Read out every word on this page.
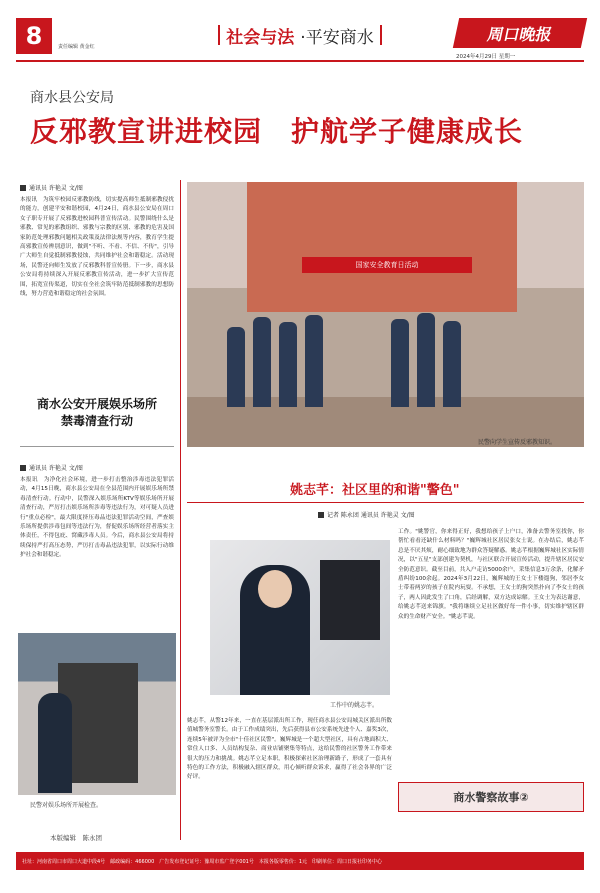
8	责任编辑 黄金红	社会与法 ·平安商水	周口晚报
2024年4月29日 星期一
商水县公安局
反邪教宣讲进校园　护航学子健康成长
通讯员 许艳灵 文/图
本报讯　为筑牢校园反邪教防线，切实提高师生抵制邪教侵扰的能力，创建平安和谐校园，4月24日，商水县公安局在周口女子职专开展了反邪教进校园科普宣传活动。民警围绕什么是邪教、常见的邪教组织、邪教与宗教的区别、邪教的危害及国家防范处理邪教问题相关政策及法律法规等内容，教育学生提高邪教宣传辨别意识，做到"不听、不看、不信、不传"，引导广大师生自觉抵制邪教侵蚀，共同维护社会和谐稳定。活动现场，民警还向师生发放了反邪教科普宣传册。下一步，商水县公安局将持续深入开展反邪教宣传活动，进一步扩大宣传范围，拓宽宣传渠道，切实在全社会筑牢防范抵制邪教的思想防线，努力营造和谐稳定的社会氛围。
商水公安开展娱乐场所
禁毒清查行动
通讯员 许艳灵 文/图
本报讯　为净化社会环境，进一步打击整治涉毒违法犯罪活动，4月15日晚，商水县公安局在全县范围内开展娱乐场所禁毒清查行动。行动中，民警深入娱乐场所KTV等娱乐场所开展清查行动，严厉打击娱乐场所涉毒等违法行为，对可疑人员进行"重点必检"，最大限度挤压毒品违法犯罪活动空间，严查娱乐场所提供涉毒包间等违法行为，督促娱乐场所经营者落实主体责任，不得包庇、窝藏涉毒人员。今后，商水县公安局将持续保持严打高压态势，严厉打击毒品违法犯罪，以实际行动维护社会和谐稳定。
民警对娱乐场所开展检查。
本版编辑　陈永团
国家安全教育日活动
民警向学生宣传反邪教知识。
姚志芊：社区里的和谐"警色"
记者 陈永团 通讯员 许艳灵 文/图
工作中的姚志芊。
姚志芊，从警12年来，一直在基层派出所工作，现任商水县公安局城关区派出所数值城警务室警长。由于工作成绩突出，先后获得县市公安系统先进个人、嘉奖3次，连续5年被评为全市"十佳社区民警"。巍辉城是一个超大型社区，具有占地面积大、常住人口多、人员结构复杂、商业店铺聚集等特点，这给民警的社区警务工作带来很大的压力和挑战。姚志芊立足本职，积极探索社区治理新路子，形成了一套具有特色的工作方法，积极融入辖区群众，用心倾听群众诉求，赢得了社会各界的广泛好评。
工作。"姚警官，你来得正好，我想给孩子上户口，准备去警务室找你，你帮忙看看还缺什么材料吗？"巍辉城社区居民张女士说。在办结后，姚志芊总是不厌其烦，耐心细致地为群众答疑解惑。姚志芊根据巍辉城社区实际情况，以"五星"支部创建为契机，与社区联合开展宣传活动，提升辖区居民安全防范意识。截至目前，共入户走访5000余户，采集信息3万余条，化解矛盾纠纷100余起。2024年3月22日，巍辉城的王女士下楼遛狗，邻居李女士带着两岁的孩子在院内玩耍。不承想，王女士的狗突然扑向了李女士的孩子，两人因此发生了口角，后经调解，双方达成谅解。王女士为表达谢意，给姚志芊送来锦旗。"我将继续立足社区做好每一件小事，切实维护辖区群众的生命财产安全。"姚志芊说。
商水警察故事②
社址：河南省周口市周口大道中段4号　邮政编码：466000　广告发布登记证号：豫周市监广登字001号　本报各版零售价：1元　印刷单位：周口日报社印务中心
